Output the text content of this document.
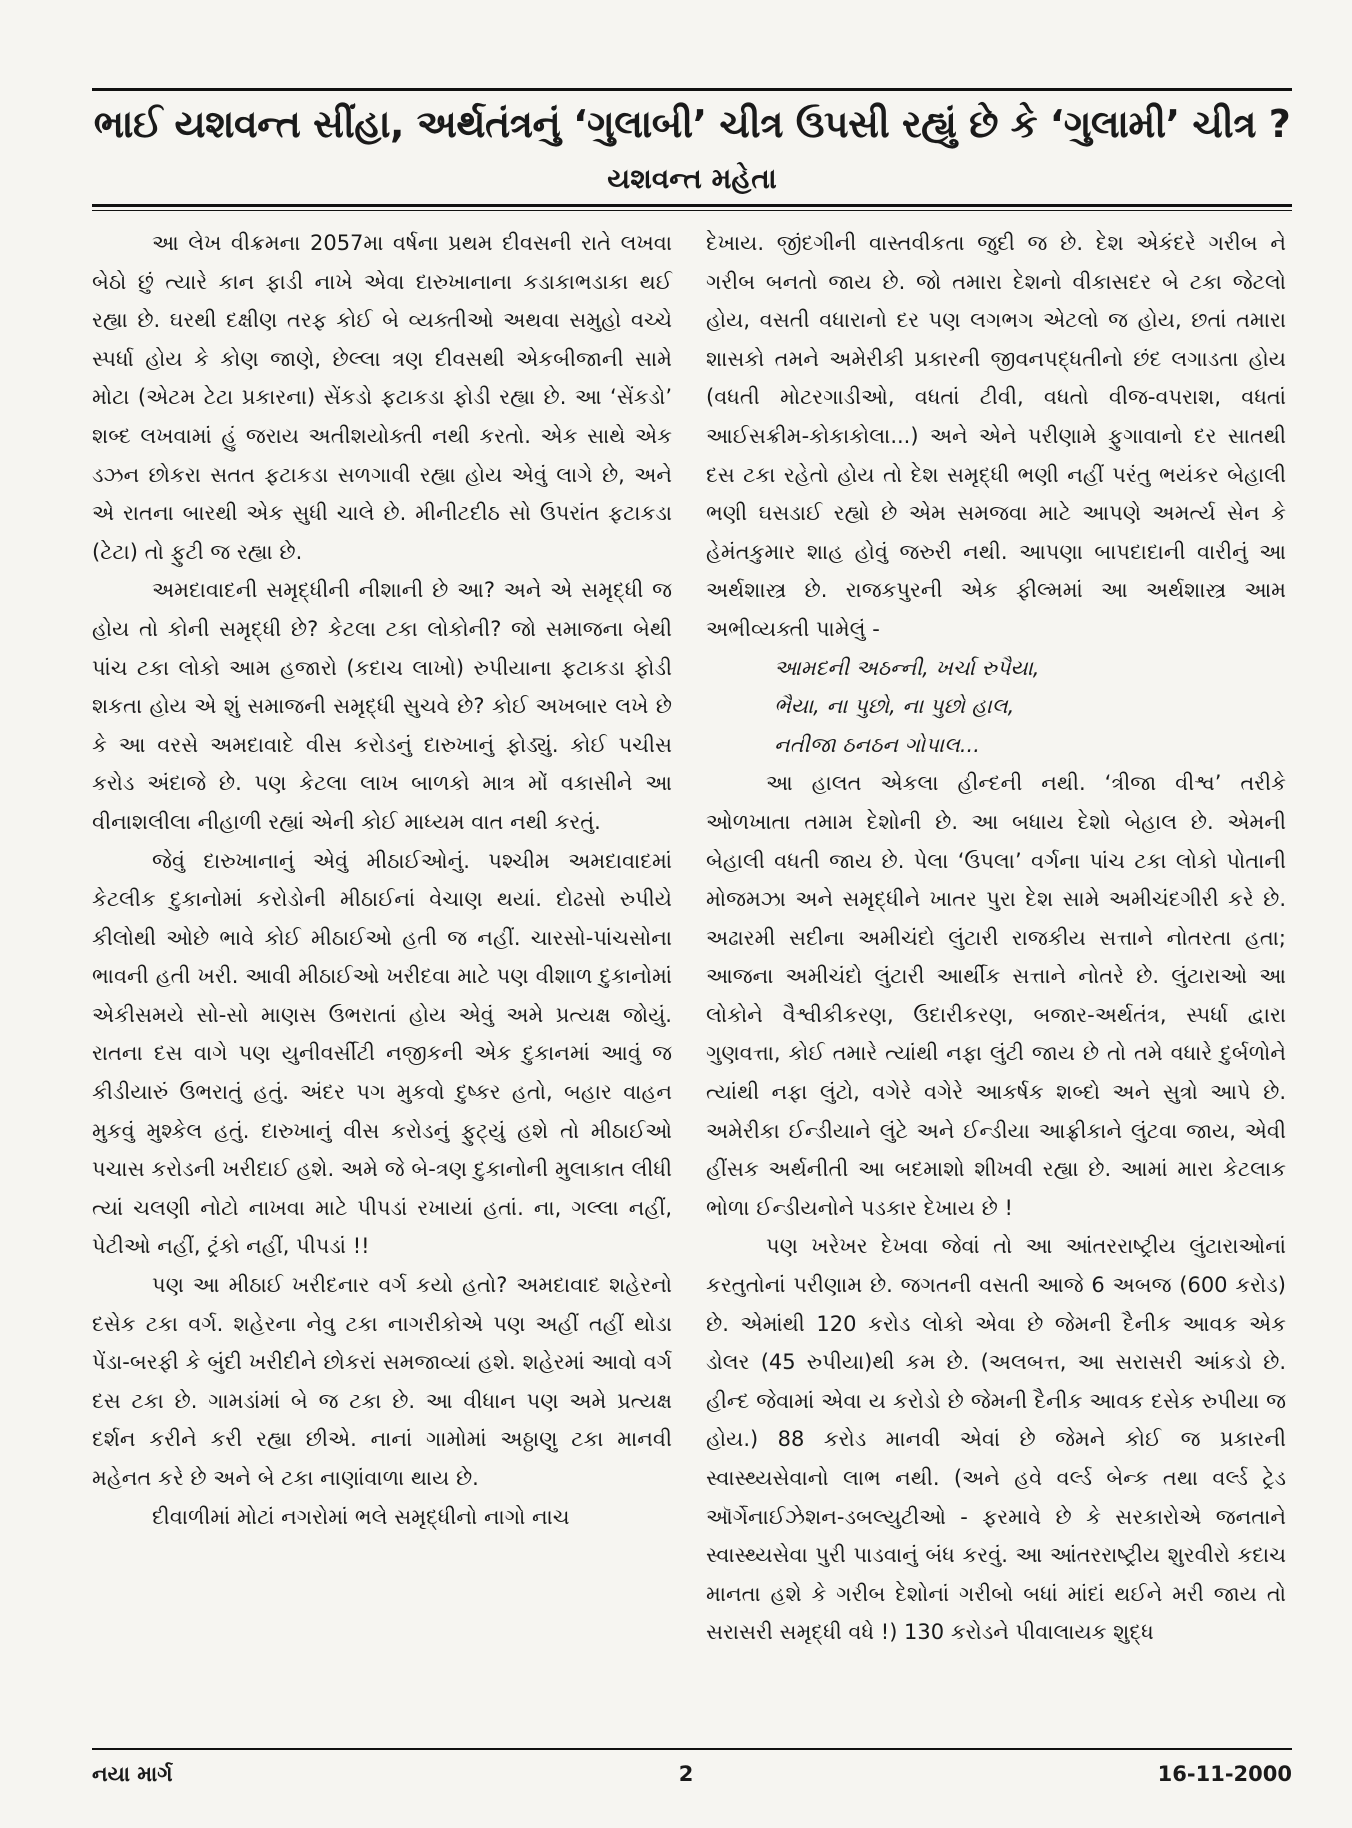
ભાઈ યશવન્ત સીંહા, અર્થતંત્રનું ‘ગુલાબી’ ચીત્ર ઉપસી રહ્યું છે કે ‘ગુલામી’ ચીત્ર ?
યશવન્ત મહેતા

આ લેખ વીક્રમના 2057મા વર્ષના પ્રથમ દીવસની રાતે લખવા બેઠો છું ત્યારે કાન ફાડી નાખે એવા દારુખાનાના કડાકાભડાકા થઈ રહ્યા છે. ઘરથી દક્ષીણ તરફ કોઈ બે વ્યક્તીઓ અથવા સમુહો વચ્ચે સ્પર્ધા હોય કે કોણ જાણે, છેલ્લા ત્રણ દીવસથી એકબીજાની સામે મોટા (એટમ ટેટા પ્રકારના) સેંકડો ફટાકડા ફોડી રહ્યા છે. આ ‘સેંકડો’ શબ્દ લખવામાં હું જરાય અતીશયોક્તી નથી કરતો. એક સાથે એક ડઝન છોકરા સતત ફટાકડા સળગાવી રહ્યા હોય એવું લાગે છે, અને એ રાતના બારથી એક સુધી ચાલે છે. મીનીટદીઠ સો ઉપરાંત ફટાકડા (ટેટા) તો ફુટી જ રહ્યા છે.

અમદાવાદની સમૃદ્ધીની નીશાની છે આ? અને એ સમૃદ્ધી જ હોય તો કોની સમૃદ્ધી છે? કેટલા ટકા લોકોની? જો સમાજના બેથી પાંચ ટકા લોકો આમ હજારો (કદાચ લાખો) રુપીયાના ફટાકડા ફોડી શકતા હોય એ શું સમાજની સમૃદ્ધી સુચવે છે? કોઈ અખબાર લખે છે કે આ વરસે અમદાવાદે વીસ કરોડનું દારુખાનું ફોડ્યું. કોઈ પચીસ કરોડ અંદાજે છે. પણ કેટલા લાખ બાળકો માત્ર મોં વકાસીને આ વીનાશલીલા નીહાળી રહ્યાં એની કોઈ માધ્યમ વાત નથી કરતું.

જેવું દારુખાનાનું એવું મીઠાઈઓનું. પશ્ચીમ અમદાવાદમાં કેટલીક દુકાનોમાં કરોડોની મીઠાઈનાં વેચાણ થયાં. દોઢસો રુપીયે કીલોથી ઓછે ભાવે કોઈ મીઠાઈઓ હતી જ નહીં. ચારસો-પાંચસોના ભાવની હતી ખરી. આવી મીઠાઈઓ ખરીદવા માટે પણ વીશાળ દુકાનોમાં એકીસમયે સો-સો માણસ ઉભરાતાં હોય એવું અમે પ્રત્યક્ષ જોયું. રાતના દસ વાગે પણ યુનીવર્સીટી નજીકની એક દુકાનમાં આવું જ કીડીયારું ઉભરાતું હતું. અંદર પગ મુકવો દુષ્કર હતો, બહાર વાહન મુકવું મુશ્કેલ હતું. દારુખાનું વીસ કરોડનું ફુટ્યું હશે તો મીઠાઈઓ પચાસ કરોડની ખરીદાઈ હશે. અમે જે બે-ત્રણ દુકાનોની મુલાકાત લીધી ત્યાં ચલણી નોટો નાખવા માટે પીપડાં રખાયાં હતાં. ના, ગલ્લા નહીં, પેટીઓ નહીં, ટ્રંકો નહીં, પીપડાં !!

પણ આ મીઠાઈ ખરીદનાર વર્ગ કયો હતો? અમદાવાદ શહેરનો દસેક ટકા વર્ગ. શહેરના નેવુ ટકા નાગરીકોએ પણ અહીં તહીં થોડા પેંડા-બરફી કે બુંદી ખરીદીને છોકરાં સમજાવ્યાં હશે. શહેરમાં આવો વર્ગ દસ ટકા છે. ગામડાંમાં બે જ ટકા છે. આ વીધાન પણ અમે પ્રત્યક્ષ દર્શન કરીને કરી રહ્યા છીએ. નાનાં ગામોમાં અઠ્ઠાણુ ટકા માનવી મહેનત કરે છે અને બે ટકા નાણાંવાળા થાય છે.

દીવાળીમાં મોટાં નગરોમાં ભલે સમૃદ્ધીનો નાગો નાચ

દેખાય. જીંદગીની વાસ્તવીકતા જુદી જ છે. દેશ એકંદરે ગરીબ ને ગરીબ બનતો જાય છે. જો તમારા દેશનો વીકાસદર બે ટકા જેટલો હોય, વસતી વધારાનો દર પણ લગભગ એટલો જ હોય, છતાં તમારા શાસકો તમને અમેરીકી પ્રકારની જીવનપદ્ધતીનો છંદ લગાડતા હોય (વધતી મોટરગાડીઓ, વધતાં ટીવી, વધતો વીજ-વપરાશ, વધતાં આઈસક્રીમ-કોકાકોલા...) અને એને પરીણામે ફુગાવાનો દર સાતથી દસ ટકા રહેતો હોય તો દેશ સમૃદ્ધી ભણી નહીં પરંતુ ભયંકર બેહાલી ભણી ઘસડાઈ રહ્યો છે એમ સમજવા માટે આપણે અમર્ત્ય સેન કે હેમંતકુમાર શાહ હોવું જરુરી નથી. આપણા બાપદાદાની વારીનું આ અર્થશાસ્ત્ર છે. રાજકપુરની એક ફીલ્મમાં આ અર્થશાસ્ત્ર આમ અભીવ્યક્તી પામેલું -

આમદની અઠન્ની, ખર્ચા રુપૈયા,

ભૈયા, ના પુછો, ના પુછો હાલ,

નતીજા ઠનઠન ગોપાલ...

આ હાલત એકલા હીન્દની નથી. ‘ત્રીજા વીશ્વ’ તરીકે ઓળખાતા તમામ દેશોની છે. આ બધાય દેશો બેહાલ છે. એમની બેહાલી વધતી જાય છે. પેલા ‘ઉપલા’ વર્ગના પાંચ ટકા લોકો પોતાની મોજમઝા અને સમૃદ્ધીને ખાતર પુરા દેશ સામે અમીચંદગીરી કરે છે. અઢારમી સદીના અમીચંદો લુંટારી રાજકીય સત્તાને નોતરતા હતા; આજના અમીચંદો લુંટારી આર્થીક સત્તાને નોતરે છે. લુંટારાઓ આ લોકોને વૈશ્વીકીકરણ, ઉદારીકરણ, બજાર-અર્થતંત્ર, સ્પર્ધા દ્વારા ગુણવત્તા, કોઈ તમારે ત્યાંથી નફા લુંટી જાય છે તો તમે વધારે દુર્બળોને ત્યાંથી નફા લુંટો, વગેરે વગેરે આકર્ષક શબ્દો અને સુત્રો આપે છે. અમેરીકા ઈન્ડીયાને લુંટે અને ઈન્ડીયા આફ્રીકાને લુંટવા જાય, એવી હીંસક અર્થનીતી આ બદમાશો શીખવી રહ્યા છે. આમાં મારા કેટલાક ભોળા ઈન્ડીયનોને પડકાર દેખાય છે !

પણ ખરેખર દેખવા જેવાં તો આ આંતરરાષ્ટ્રીય લુંટારાઓનાં કરતુતોનાં પરીણામ છે. જગતની વસતી આજે 6 અબજ (600 કરોડ) છે. એમાંથી 120 કરોડ લોકો એવા છે જેમની દૈનીક આવક એક ડોલર (45 રુપીયા)થી કમ છે. (અલબત્ત, આ સરાસરી આંકડો છે. હીન્દ જેવામાં એવા ય કરોડો છે જેમની દૈનીક આવક દસેક રુપીયા જ હોય.) 88 કરોડ માનવી એવાં છે જેમને કોઈ જ પ્રકારની સ્વાસ્થ્યસેવાનો લાભ નથી. (અને હવે વર્લ્ડ બેન્ક તથા વર્લ્ડ ટ્રેડ ઑર્ગેનાઈઝેશન-ડબલ્યુટીઓ - ફરમાવે છે કે સરકારોએ જનતાને સ્વાસ્થ્યસેવા પુરી પાડવાનું બંધ કરવું. આ આંતરરાષ્ટ્રીય શુરવીરો કદાચ માનતા હશે કે ગરીબ દેશોનાં ગરીબો બધાં માંદાં થઈને મરી જાય તો સરાસરી સમૃદ્ધી વધે !) 130 કરોડને પીવાલાયક શુદ્ધ

નયા માર્ગ	2	16-11-2000
